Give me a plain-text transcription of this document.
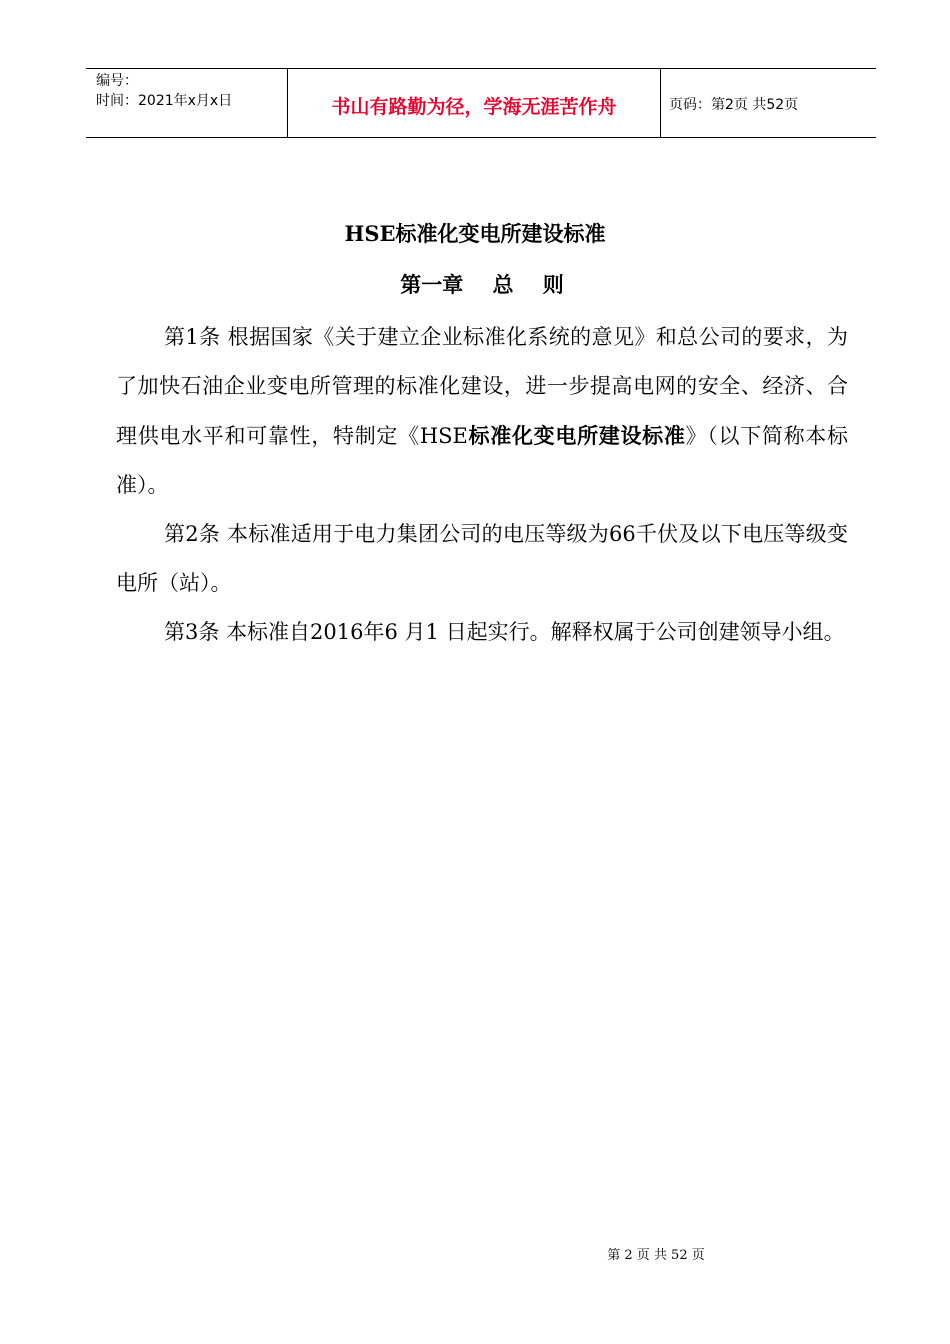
编号：
时间：2021年x月x日	书山有路勤为径，学海无涯苦作舟	页码：第2页 共52页
HSE标准化变电所建设标准
第一章    总    则

第1条 根据国家《关于建立企业标准化系统的意见》和总公司的要求，为了加快石油企业变电所管理的标准化建设，进一步提高电网的安全、经济、合理供电水平和可靠性，特制定《HSE标准化变电所建设标准》（以下简称本标准）。

第2条 本标准适用于电力集团公司的电压等级为66千伏及以下电压等级变电所（站）。

第3条 本标准自2016年6 月1 日起实行。解释权属于公司创建领导小组。

第 2 页 共 52 页
